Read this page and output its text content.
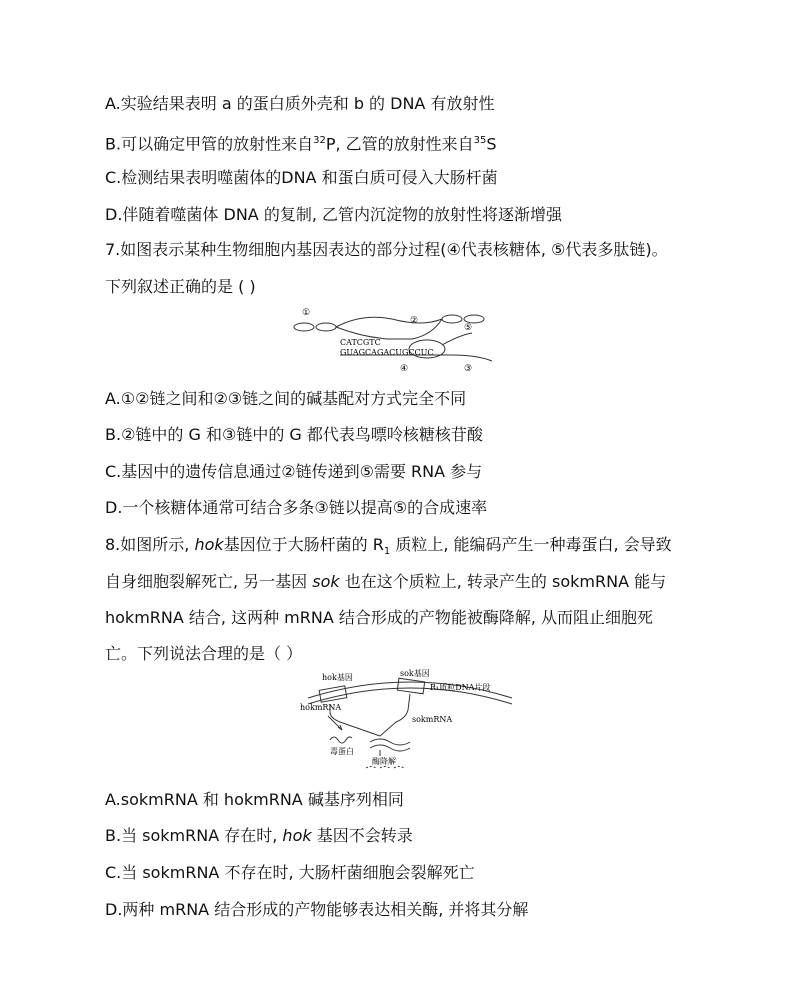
A.实验结果表明 a 的蛋白质外壳和 b 的 DNA 有放射性
B.可以确定甲管的放射性来自$^{32}$P, 乙管的放射性来自$^{35}$S
C.检测结果表明噬菌体的DNA 和蛋白质可侵入大肠杆菌
D.伴随着噬菌体 DNA 的复制, 乙管内沉淀物的放射性将逐渐增强
7.如图表示某种生物细胞内基因表达的部分过程(④代表核糖体, ⑤代表多肽链)。
下列叙述正确的是 ( )
①
②
⑤
CATCGTC
GUAGCAGACUGCCUC
④	③
A.①②链之间和②③链之间的碱基配对方式完全不同
B.②链中的 G 和③链中的 G 都代表鸟嘌呤核糖核苷酸
C.基因中的遗传信息通过②链传递到⑤需要 RNA 参与
D.一个核糖体通常可结合多条③链以提高⑤的合成速率
8.如图所示, hok基因位于大肠杆菌的 $R_1$ 质粒上, 能编码产生一种毒蛋白, 会导致
自身细胞裂解死亡, 另一基因 sok 也在这个质粒上, 转录产生的 sokmRNA 能与
hokmRNA 结合, 这两种 mRNA 结合形成的产物能被酶降解, 从而阻止细胞死
亡。下列说法合理的是（ ）
hok基因	sok基因
R₁质粒DNA片段
hokmRNA
sokmRNA
毒蛋白
酶降解
A.sokmRNA 和 hokmRNA 碱基序列相同
B.当 sokmRNA 存在时, hok 基因不会转录
C.当 sokmRNA 不存在时, 大肠杆菌细胞会裂解死亡
D.两种 mRNA 结合形成的产物能够表达相关酶, 并将其分解
